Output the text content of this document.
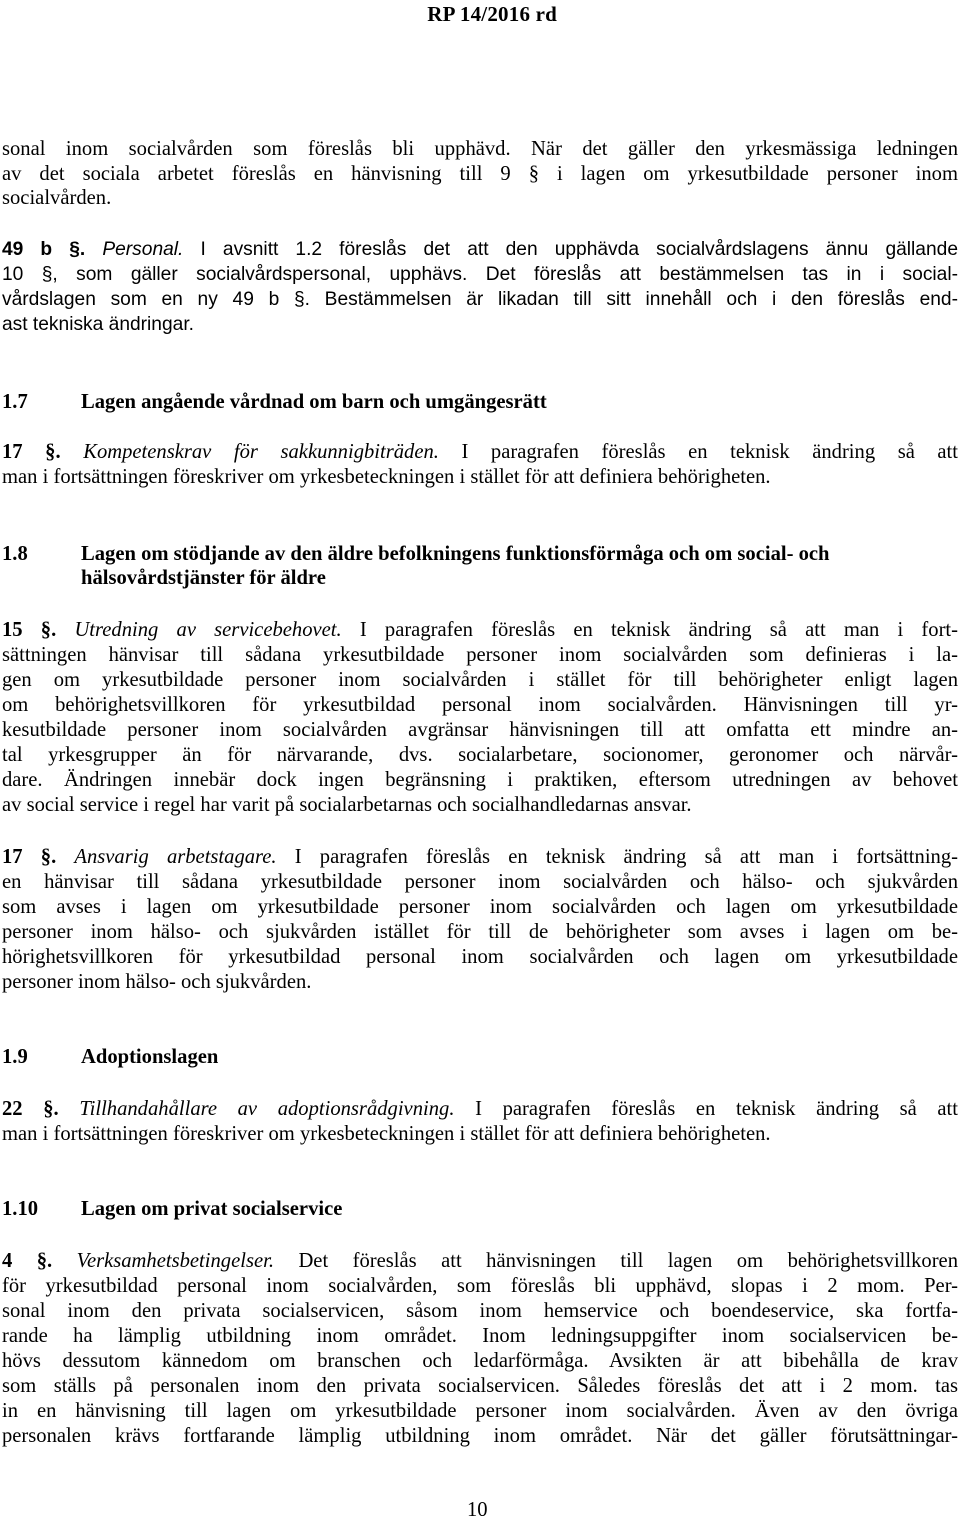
RP 14/2016 rd
sonal inom socialvården som föreslås bli upphävd. När det gäller den yrkesmässiga ledningen
av det sociala arbetet föreslås en hänvisning till 9 § i lagen om yrkesutbildade personer inom
socialvården.
49 b §. Personal. I avsnitt 1.2 föreslås det att den upphävda socialvårdslagens ännu gällande
10 §, som gäller socialvårdspersonal, upphävs. Det föreslås att bestämmelsen tas in i social-
vårdslagen som en ny 49 b §. Bestämmelsen är likadan till sitt innehåll och i den föreslås end-
ast tekniska ändringar.
1.7	Lagen angående vårdnad om barn och umgängesrätt
17 §. Kompetenskrav för sakkunnigbiträden. I paragrafen föreslås en teknisk ändring så att
man i fortsättningen föreskriver om yrkesbeteckningen i stället för att definiera behörigheten.
1.8	Lagen om stödjande av den äldre befolkningens funktionsförmåga och om social- och
hälsovårdstjänster för äldre
15 §. Utredning av servicebehovet. I paragrafen föreslås en teknisk ändring så att man i fort-
sättningen hänvisar till sådana yrkesutbildade personer inom socialvården som definieras i la-
gen om yrkesutbildade personer inom socialvården i stället för till behörigheter enligt lagen
om behörighetsvillkoren för yrkesutbildad personal inom socialvården. Hänvisningen till yr-
kesutbildade personer inom socialvården avgränsar hänvisningen till att omfatta ett mindre an-
tal yrkesgrupper än för närvarande, dvs. socialarbetare, socionomer, geronomer och närvår-
dare. Ändringen innebär dock ingen begränsning i praktiken, eftersom utredningen av behovet
av social service i regel har varit på socialarbetarnas och socialhandledarnas ansvar.
17 §. Ansvarig arbetstagare. I paragrafen föreslås en teknisk ändring så att man i fortsättning-
en hänvisar till sådana yrkesutbildade personer inom socialvården och hälso- och sjukvården
som avses i lagen om yrkesutbildade personer inom socialvården och lagen om yrkesutbildade
personer inom hälso- och sjukvården istället för till de behörigheter som avses i lagen om be-
hörighetsvillkoren för yrkesutbildad personal inom socialvården och lagen om yrkesutbildade
personer inom hälso- och sjukvården.
1.9	Adoptionslagen
22 §. Tillhandahållare av adoptionsrådgivning. I paragrafen föreslås en teknisk ändring så att
man i fortsättningen föreskriver om yrkesbeteckningen i stället för att definiera behörigheten.
1.10 Lagen om privat socialservice
4 §. Verksamhetsbetingelser. Det föreslås att hänvisningen till lagen om behörighetsvillkoren
för yrkesutbildad personal inom socialvården, som föreslås bli upphävd, slopas i 2 mom. Per-
sonal inom den privata socialservicen, såsom inom hemservice och boendeservice, ska fortfa-
rande ha lämplig utbildning inom området. Inom ledningsuppgifter inom socialservicen be-
hövs dessutom kännedom om branschen och ledarförmåga. Avsikten är att bibehålla de krav
som ställs på personalen inom den privata socialservicen. Således föreslås det att i 2 mom. tas
in en hänvisning till lagen om yrkesutbildade personer inom socialvården. Även av den övriga
personalen krävs fortfarande lämplig utbildning inom området. När det gäller förutsättningar-
10
